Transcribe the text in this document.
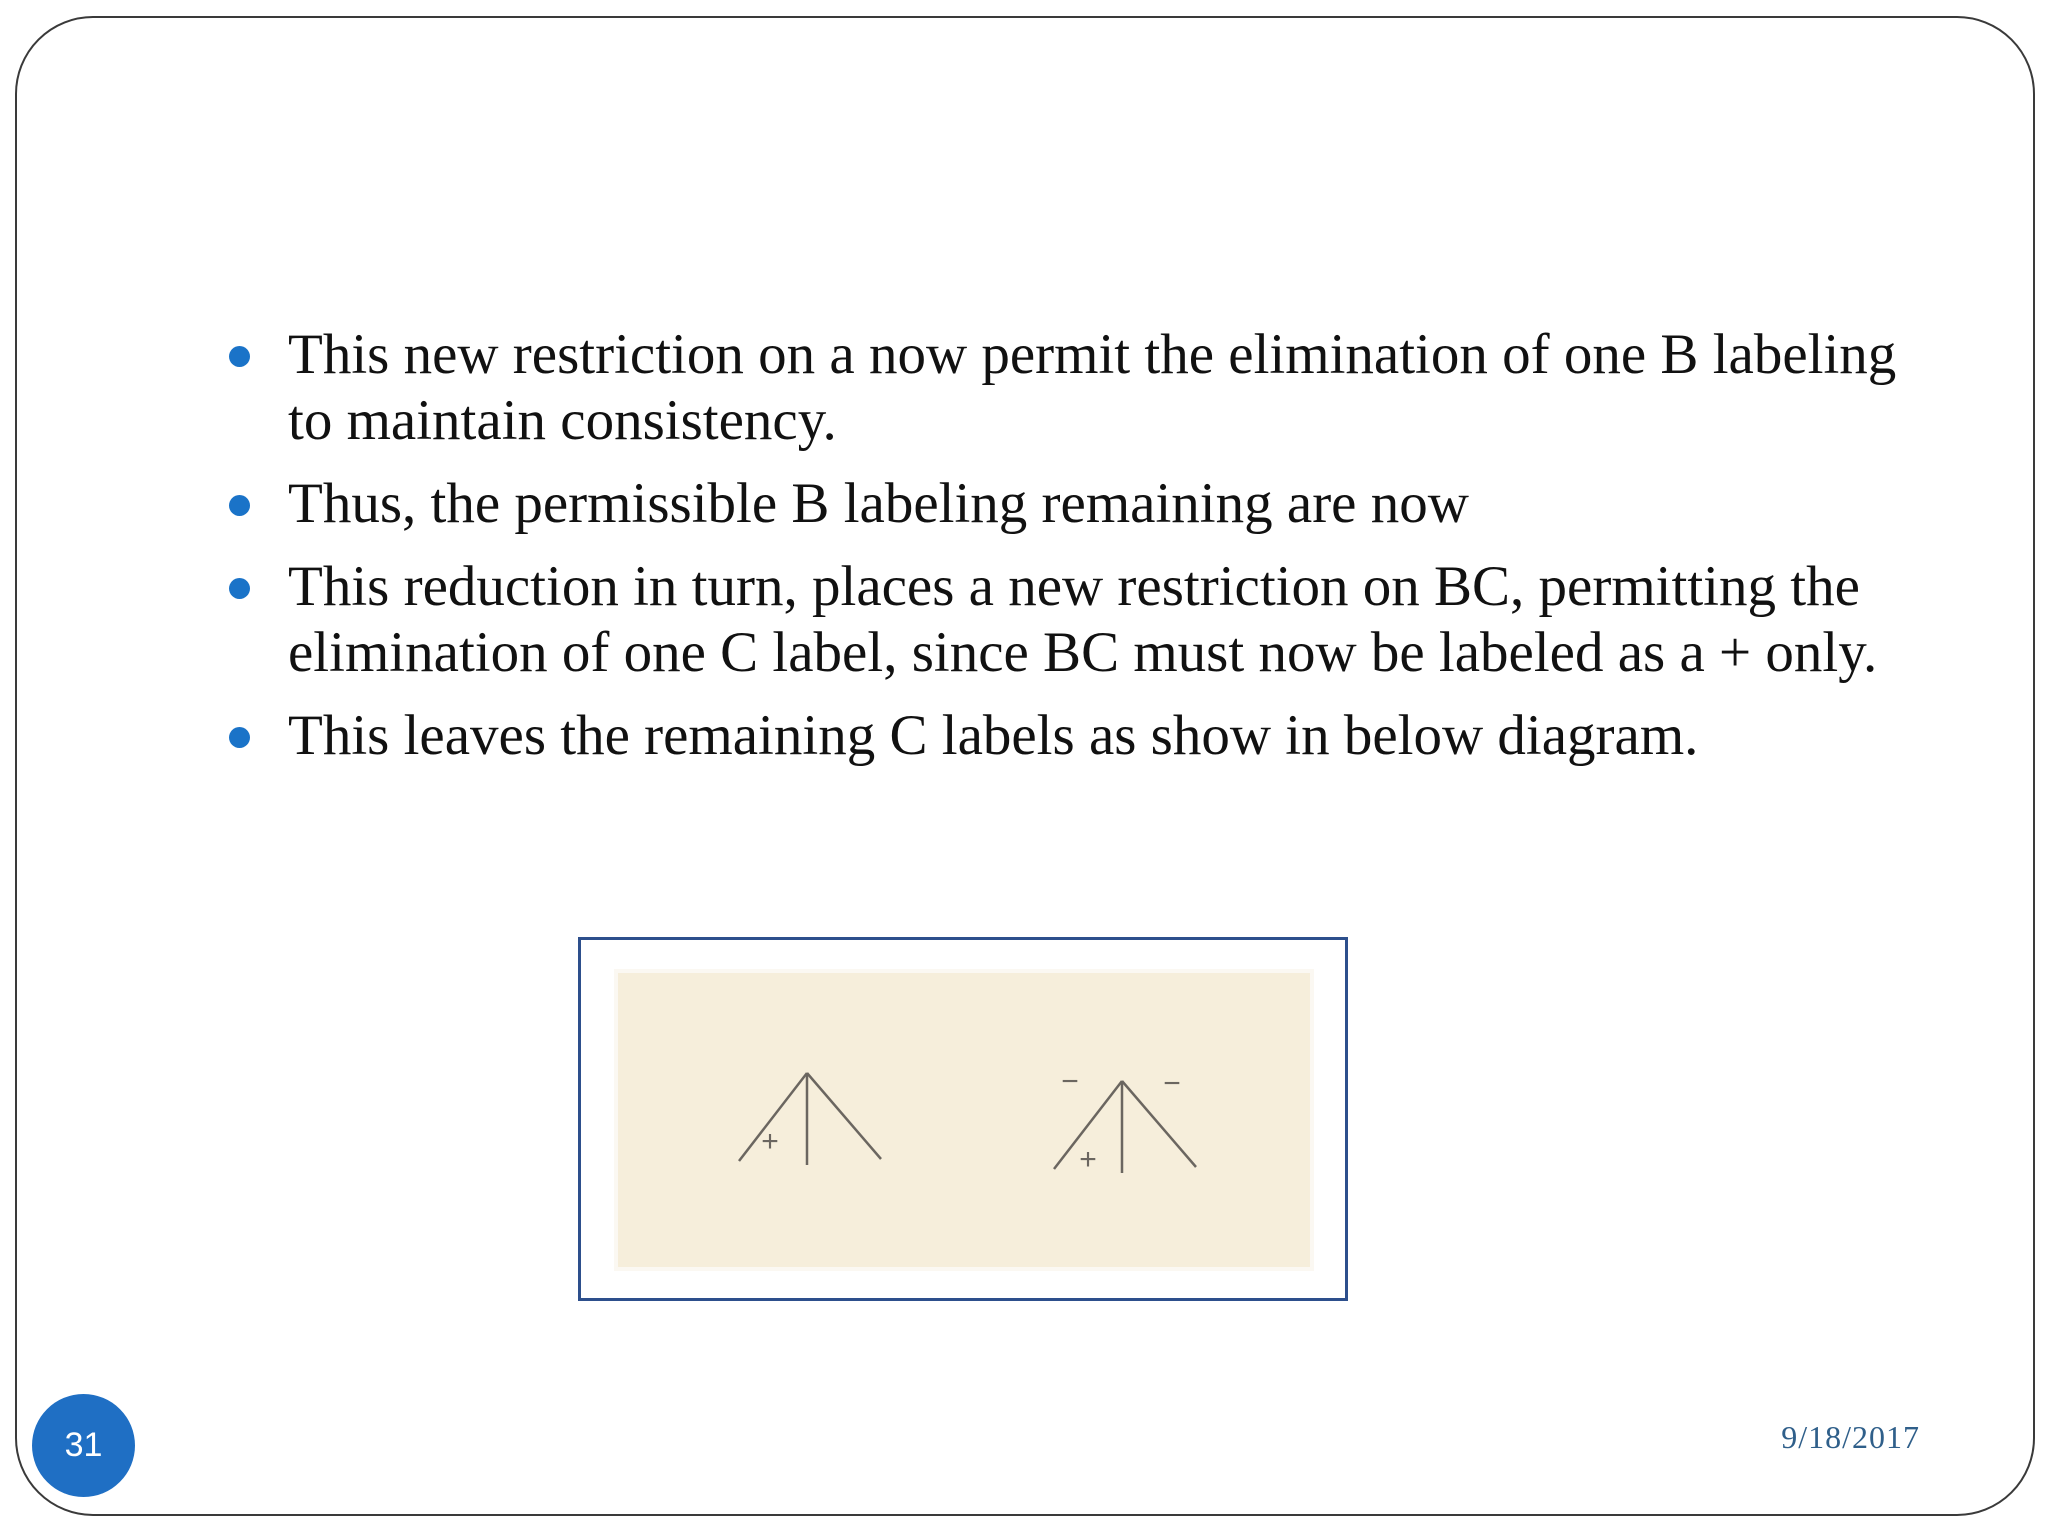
This new restriction on a now permit the elimination of one B labeling to maintain consistency.
Thus, the permissible B labeling remaining are now
This reduction in turn, places a new restriction on BC, permitting the elimination of one C label, since BC must now be labeled as a + only.
This leaves the remaining C labels as show in below diagram.
+
+
−	−
31	9/18/2017
